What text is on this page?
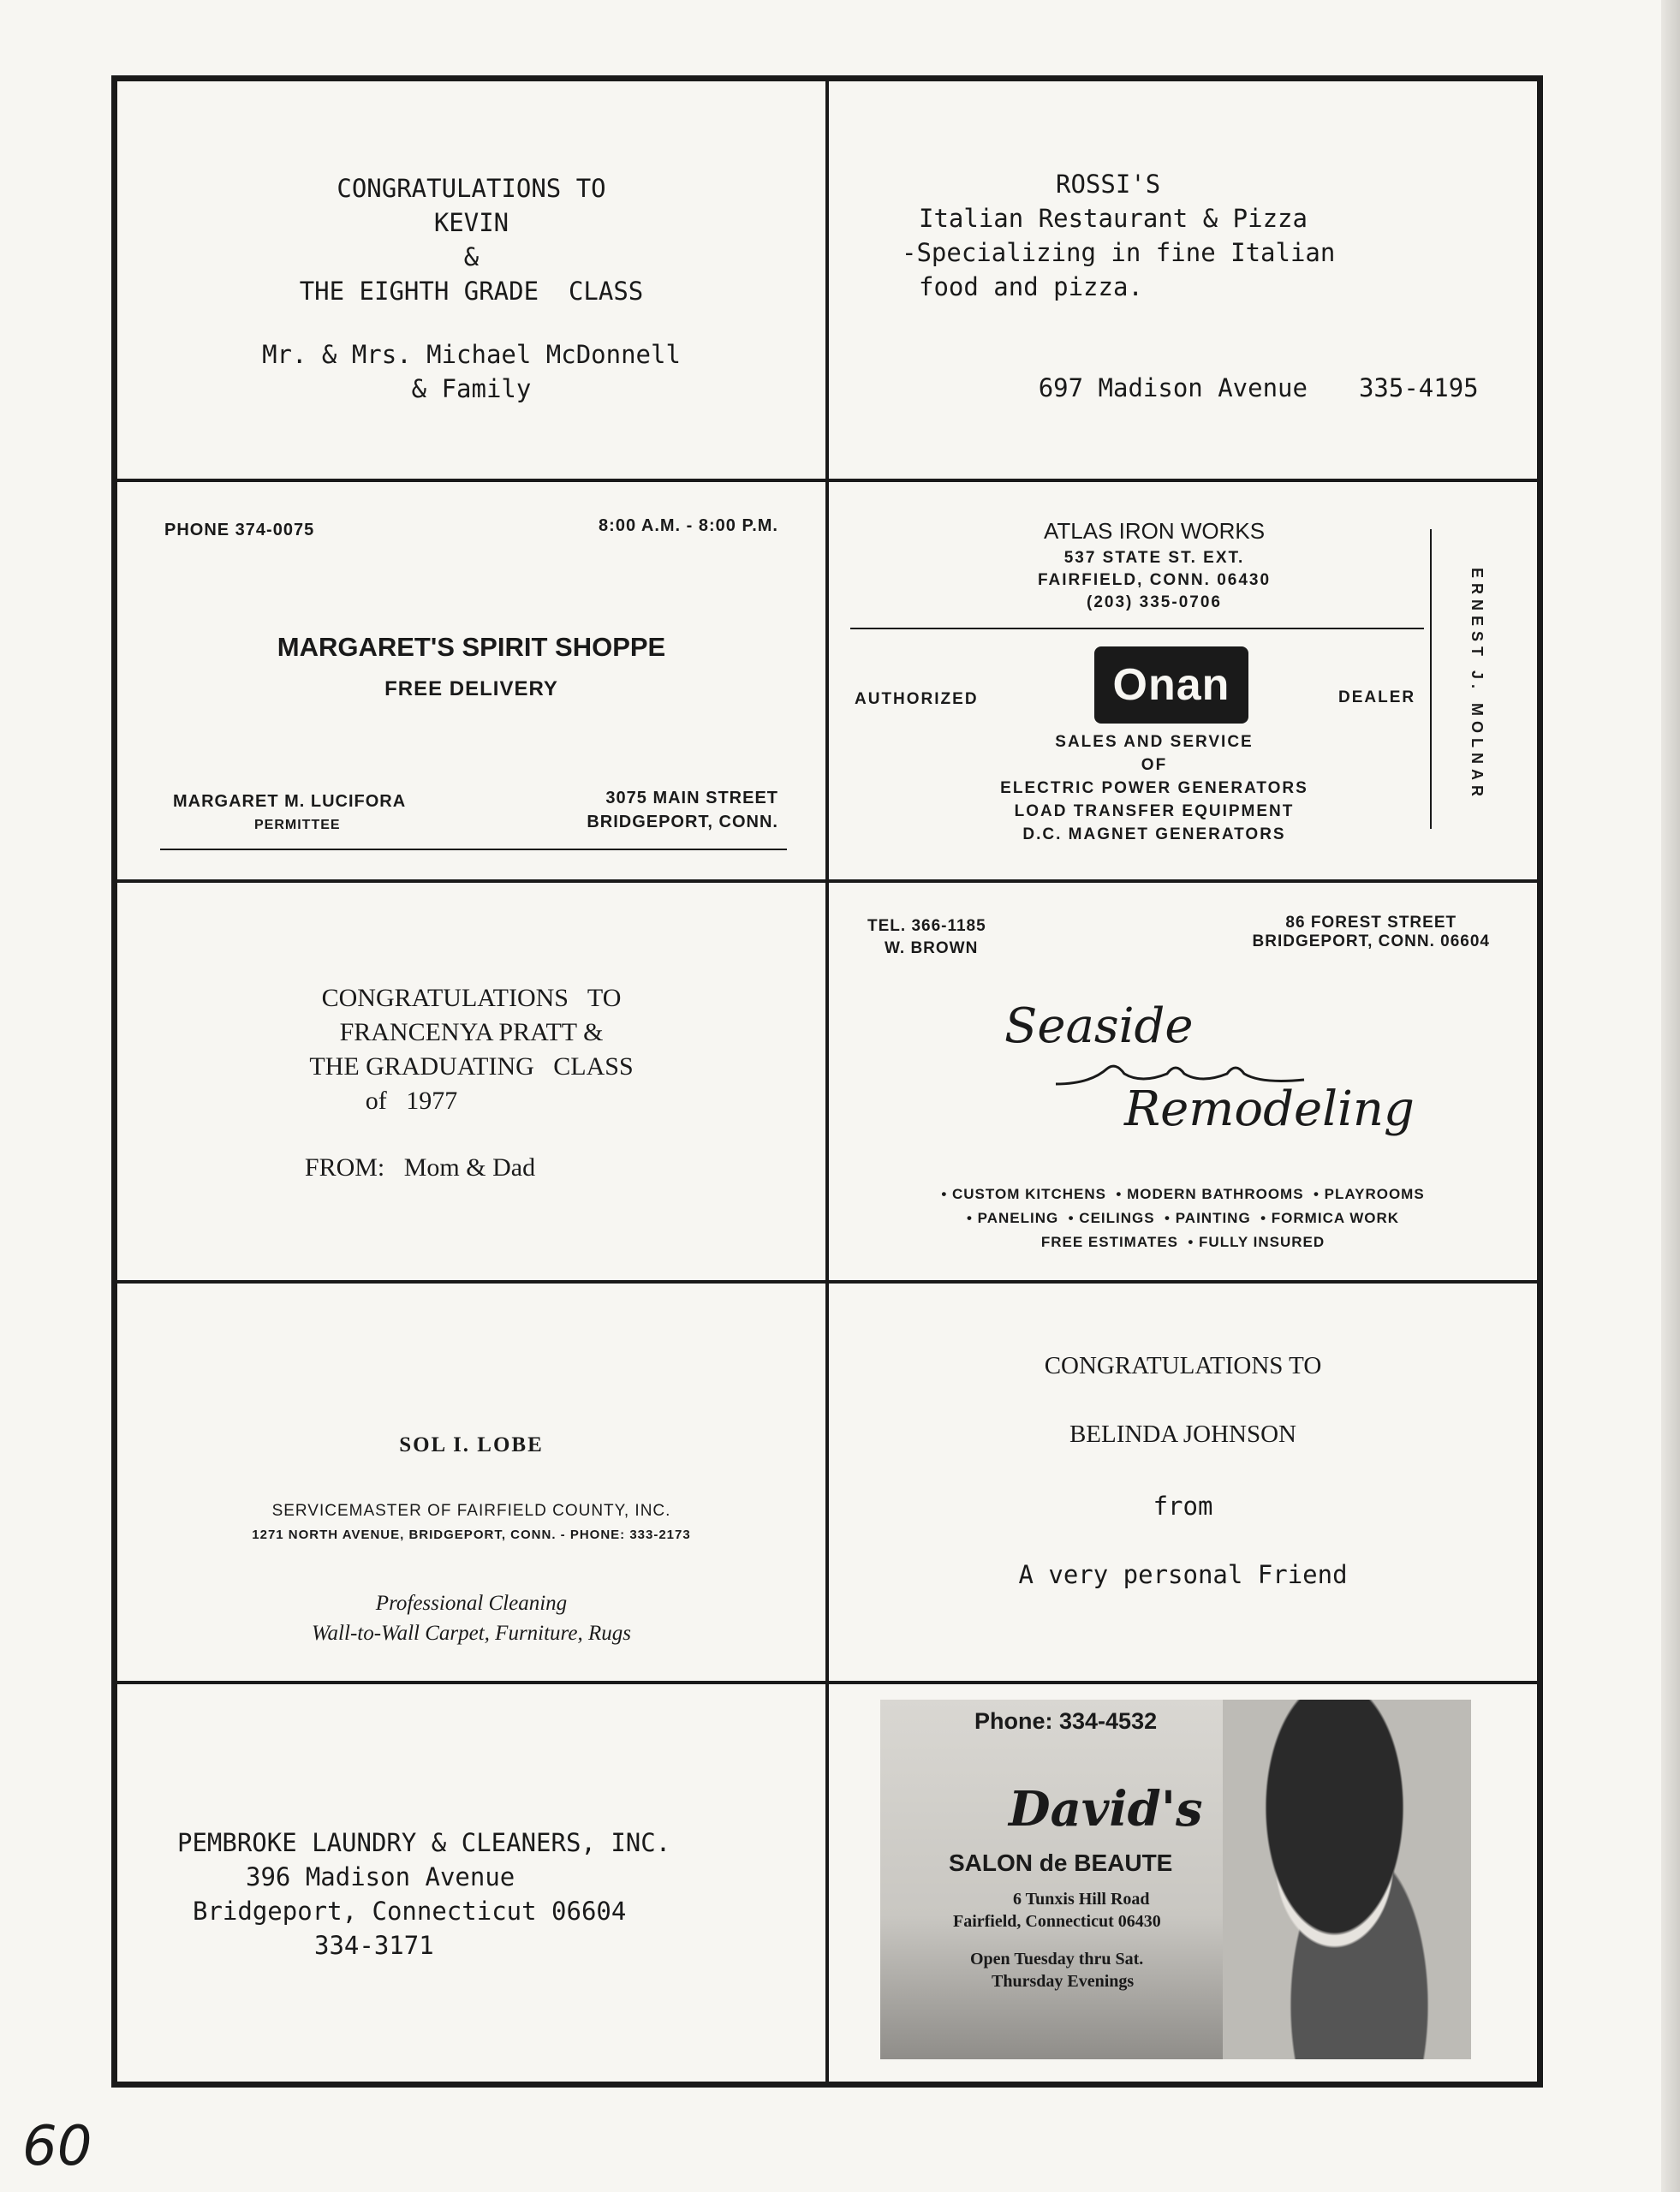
CONGRATULATIONS TO
KEVIN
&
THE EIGHTH GRADE  CLASS
Mr. & Mrs. Michael McDonnell
& Family
ROSSI'S
Italian Restaurant & Pizza
-Specializing in fine Italian
food and pizza.

697 Madison Avenue 335-4195

PHONE 374-0075	8:00 A.M. - 8:00 P.M.
MARGARET'S SPIRIT SHOPPE
FREE DELIVERY
MARGARET M. LUCIFORA
PERMITTEE
3075 MAIN STREET
BRIDGEPORT, CONN.
ATLAS IRON WORKS
537 STATE ST. EXT.
FAIRFIELD, CONN. 06430
(203) 335-0706
Onan
AUTHORIZED	DEALER
SALES AND SERVICE
OF
ELECTRIC POWER GENERATORS
LOAD TRANSFER EQUIPMENT
D.C. MAGNET GENERATORS
ERNEST J. MOLNAR
CONGRATULATIONS   TO
FRANCENYA PRATT &
THE GRADUATING   CLASS
of   1977
FROM:   Mom & Dad
TEL. 366-1185
W. BROWN
86 FOREST STREET
BRIDGEPORT, CONN. 06604
Seaside
Remodeling
• CUSTOM KITCHENS  • MODERN BATHROOMS  • PLAYROOMS
• PANELING  • CEILINGS  • PAINTING  • FORMICA WORK
FREE ESTIMATES  • FULLY INSURED
SOL I. LOBE
SERVICEMASTER OF FAIRFIELD COUNTY, INC.
1271 NORTH AVENUE, BRIDGEPORT, CONN. - PHONE: 333-2173
Professional Cleaning
Wall-to-Wall Carpet, Furniture, Rugs
CONGRATULATIONS TO
BELINDA JOHNSON
from
A very personal Friend
PEMBROKE LAUNDRY & CLEANERS, INC.
396 Madison Avenue
Bridgeport, Connecticut 06604
334-3171
Phone: 334-4532
David's
SALON de BEAUTE
6 Tunxis Hill Road
Fairfield, Connecticut 06430
Open Tuesday thru Sat.
Thursday Evenings
60
